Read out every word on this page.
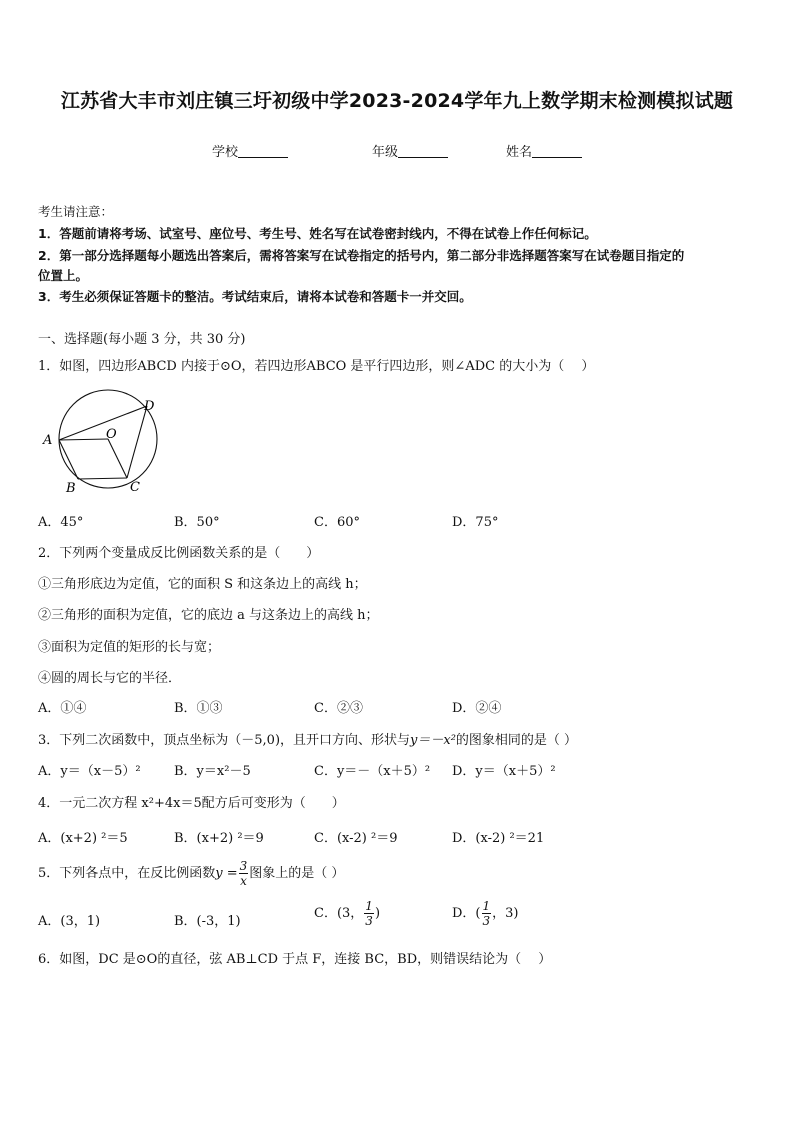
江苏省大丰市刘庄镇三圩初级中学2023-2024学年九上数学期末检测模拟试题
学校	年级	姓名
考生请注意：
1．答题前请将考场、试室号、座位号、考生号、姓名写在试卷密封线内，不得在试卷上作任何标记。
2．第一部分选择题每小题选出答案后，需将答案写在试卷指定的括号内，第二部分非选择题答案写在试卷题目指定的
位置上。
3．考生必须保证答题卡的整洁。考试结束后，请将本试卷和答题卡一并交回。
一、选择题(每小题 3 分，共 30 分)
1．如图，四边形ABCD 内接于⊙O，若四边形ABCO 是平行四边形，则∠ADC 的大小为（　 ）
A
B	C
D
O
A．45°	B．50°	C．60°	D．75°
2．下列两个变量成反比例函数关系的是（　　）
①三角形底边为定值，它的面积 S 和这条边上的高线 h；
②三角形的面积为定值，它的底边 a 与这条边上的高线 h；
③面积为定值的矩形的长与宽；
④圆的周长与它的半径．
A．①④	B．①③	C．②③	D．②④
3．下列二次函数中，顶点坐标为（－5,0)，且开口方向、形状与y＝－x²的图象相同的是（ ）
A．y＝（x－5）²	B．y＝x²－5	C．y＝－（x＋5）² D．y＝（x＋5）²
4．一元二次方程 x²+4x＝5配方后可变形为（　　）
A．(x+2) ²＝5	B．(x+2) ²＝9	C．(x-2) ²＝9	D．(x-2) ²＝21
5．下列各点中，在反比例函数$y = \frac{3}{x}$ 图象上的是（ ）
A．(3，1)	B．(-3，1)
C．(3， $\frac{1}{3}$ )	D．( $\frac{1}{3}$ ，3)
6．如图，DC 是⊙O的直径，弦 AB⊥CD 于点 F，连接 BC，BD，则错误结论为（　 ）
